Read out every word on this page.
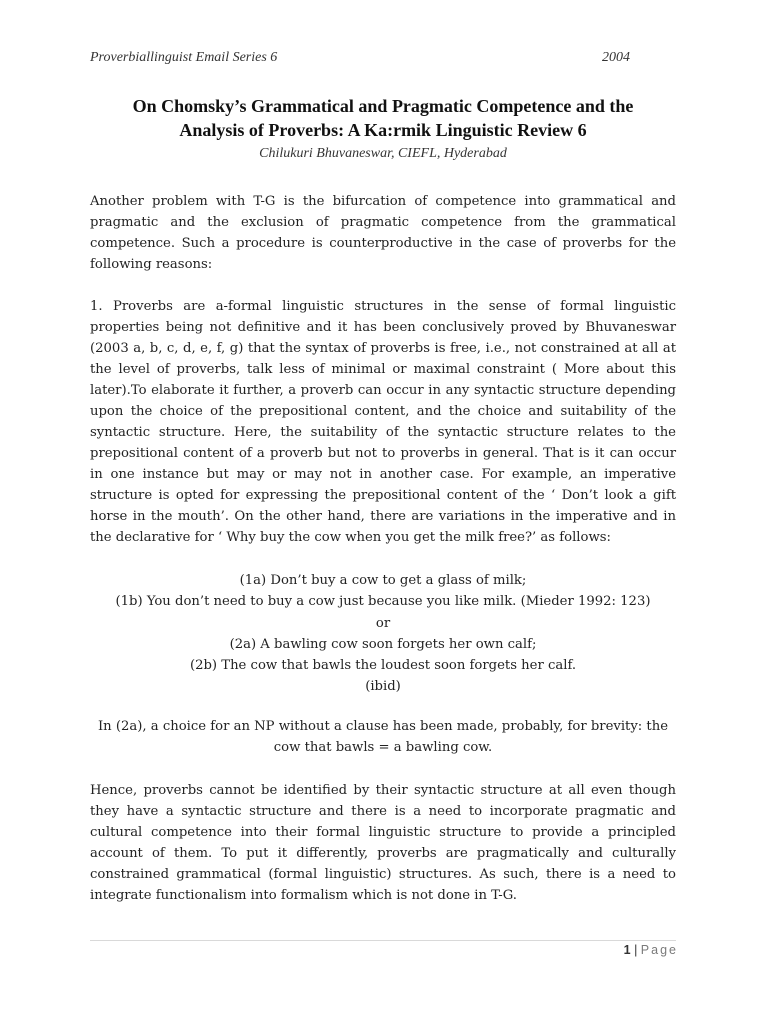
Proverbiallinguist Email Series 6	2004
On Chomsky’s Grammatical and Pragmatic Competence and the
Analysis of Proverbs: A Ka:rmik Linguistic Review 6
Chilukuri Bhuvaneswar, CIEFL, Hyderabad
Another problem with T-G is the bifurcation of competence into grammatical and pragmatic and the exclusion of pragmatic competence from the grammatical competence. Such a procedure is counterproductive in the case of proverbs for the following reasons:
1. Proverbs are a-formal linguistic structures in the sense of formal linguistic properties being not definitive and it has been conclusively proved by Bhuvaneswar (2003 a, b, c, d, e, f, g) that the syntax of proverbs is free, i.e., not constrained at all at the level of proverbs, talk less of minimal or maximal constraint ( More about this later).To elaborate it further, a proverb can occur in any syntactic structure depending upon the choice of the prepositional content, and the choice and suitability of the syntactic structure. Here, the suitability of the syntactic structure relates to the prepositional content of a proverb but not to proverbs in general. That is it can occur in one instance but may or may not in another case. For example, an imperative structure is opted for expressing the prepositional content of the ‘ Don’t look a gift horse in the mouth’. On the other hand, there are variations in the imperative and in the declarative for ‘ Why buy the cow when you get the milk free?’ as follows:
(1a) Don’t buy a cow to get a glass of milk;
(1b) You don’t need to buy a cow just because you like milk. (Mieder 1992: 123)
or
(2a) A bawling cow soon forgets her own calf;
(2b) The cow that bawls the loudest soon forgets her calf.
(ibid)
In (2a), a choice for an NP without a clause has been made, probably, for brevity: the cow that bawls = a bawling cow.
Hence, proverbs cannot be identified by their syntactic structure at all even though they have a syntactic structure and there is a need to incorporate pragmatic and cultural competence into their formal linguistic structure to provide a principled account of them. To put it differently, proverbs are pragmatically and culturally constrained grammatical (formal linguistic) structures. As such, there is a need to integrate functionalism into formalism which is not done in T-G.
1 | Page
